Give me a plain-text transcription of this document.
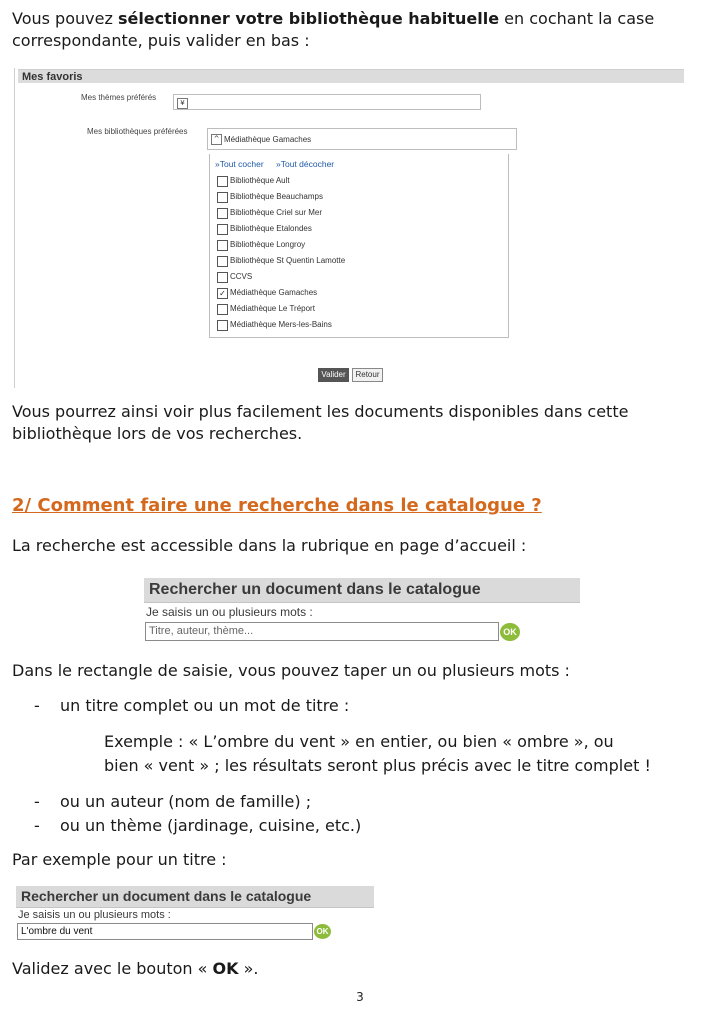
Vous pouvez sélectionner votre bibliothèque habituelle en cochant la case correspondante, puis valider en bas :

Mes favoris
Mes thèmes préférés
¥
Mes bibliothèques préférées
^ Médiathèque Gamaches
»Tout cocher »Tout décocher
Bibliothèque Ault
Bibliothèque Beauchamps
Bibliothèque Criel sur Mer
Bibliothèque Etalondes
Bibliothèque Longroy
Bibliothèque St Quentin Lamotte
CCVS
✓ Médiathèque Gamaches
Médiathèque Le Tréport
Médiathèque Mers-les-Bains
Valider	Retour

Vous pourrez ainsi voir plus facilement les documents disponibles dans cette bibliothèque lors de vos recherches.

2/ Comment faire une recherche dans le catalogue ?

La recherche est accessible dans la rubrique en page d’accueil :

Rechercher un document dans le catalogue
Je saisis un ou plusieurs mots :
Titre, auteur, thème...	OK

Dans le rectangle de saisie, vous pouvez taper un ou plusieurs mots :

- un titre complet ou un mot de titre :
Exemple : « L’ombre du vent » en entier, ou bien « ombre », ou
bien « vent » ; les résultats seront plus précis avec le titre complet !
- ou un auteur (nom de famille) ;
- ou un thème (jardinage, cuisine, etc.)

Par exemple pour un titre :

Rechercher un document dans le catalogue
Je saisis un ou plusieurs mots :
L'ombre du vent	OK

Validez avec le bouton « OK ».

3
